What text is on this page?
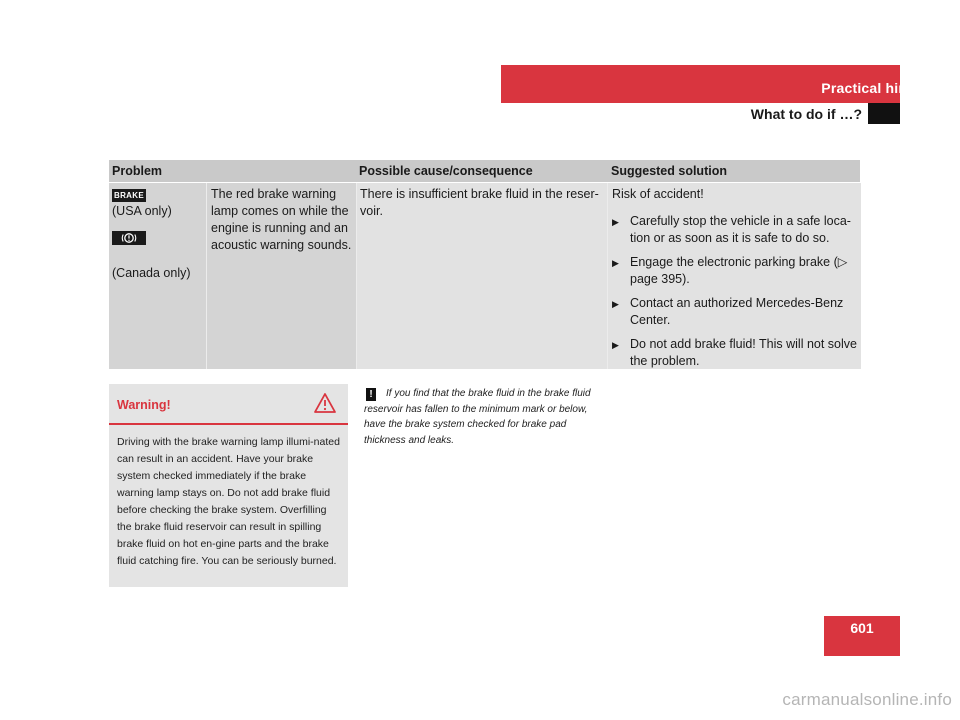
Practical hints
What to do if …?
Problem	Possible cause/consequence	Suggested solution
BRAKE
(USA only)
(Canada only)
The red brake warning lamp comes on while the engine is running and an acoustic warning sounds.
There is insufficient brake fluid in the reser-voir.
Risk of accident!
▶ Carefully stop the vehicle in a safe loca-tion or as soon as it is safe to do so.
▶ Engage the electronic parking brake (▷ page 395).
▶ Contact an authorized Mercedes-Benz Center.
▶ Do not add brake fluid! This will not solve the problem.
Warning!
Driving with the brake warning lamp illumi-nated can result in an accident. Have your brake system checked immediately if the brake warning lamp stays on. Do not add brake fluid before checking the brake system. Overfilling the brake fluid reservoir can result in spilling brake fluid on hot en-gine parts and the brake fluid catching fire. You can be seriously burned.
If you find that the brake fluid in the brake fluid reservoir has fallen to the minimum mark or below, have the brake system checked for brake pad thickness and leaks.
!
601
carmanualsonline.info
